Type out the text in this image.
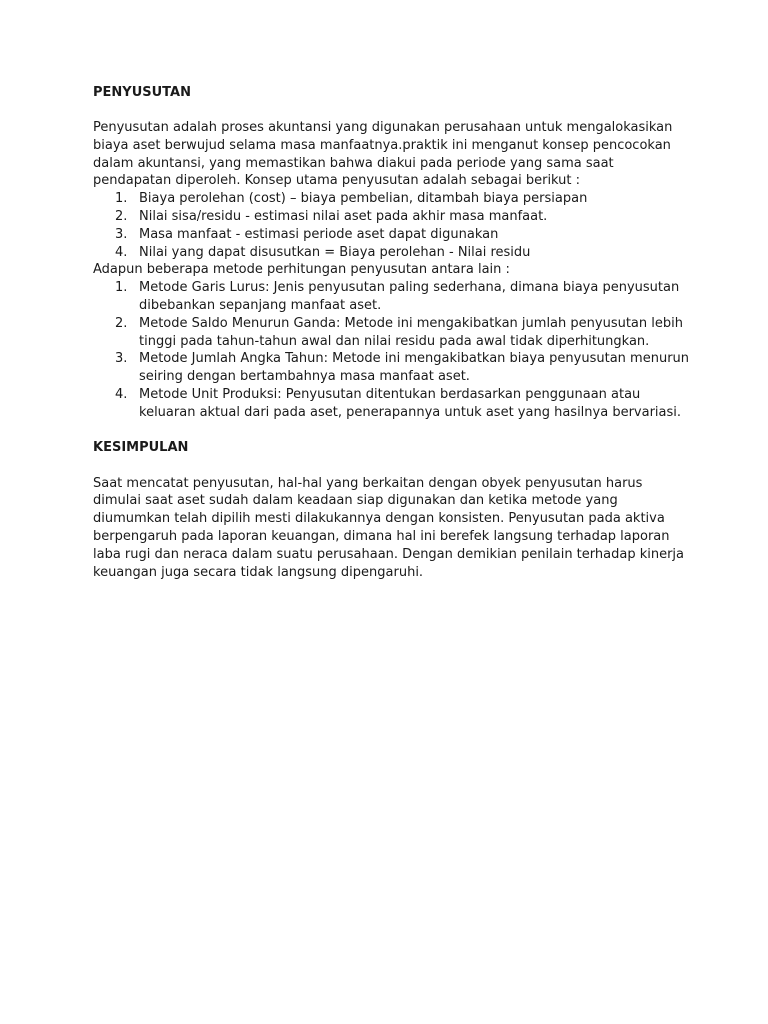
PENYUSUTAN

Penyusutan adalah proses akuntansi yang digunakan perusahaan untuk mengalokasikan biaya aset berwujud selama masa manfaatnya.praktik ini menganut konsep pencocokan dalam akuntansi, yang memastikan bahwa diakui pada periode yang sama saat pendapatan diperoleh. Konsep utama penyusutan adalah sebagai berikut :

1. Biaya perolehan (cost) – biaya pembelian, ditambah biaya persiapan
2. Nilai sisa/residu - estimasi nilai aset pada akhir masa manfaat.
3. Masa manfaat - estimasi periode aset dapat digunakan
4. Nilai yang dapat disusutkan = Biaya perolehan - Nilai residu

Adapun beberapa metode perhitungan penyusutan antara lain :

1. Metode Garis Lurus: Jenis penyusutan paling sederhana, dimana biaya penyusutan dibebankan sepanjang manfaat aset.
2. Metode Saldo Menurun Ganda: Metode ini mengakibatkan jumlah penyusutan lebih tinggi pada tahun-tahun awal dan nilai residu pada awal tidak diperhitungkan.
3. Metode Jumlah Angka Tahun: Metode ini mengakibatkan biaya penyusutan menurun seiring dengan bertambahnya masa manfaat aset.
4. Metode Unit Produksi: Penyusutan ditentukan berdasarkan penggunaan atau keluaran aktual dari pada aset, penerapannya untuk aset yang hasilnya bervariasi.
KESIMPULAN

Saat mencatat penyusutan, hal-hal yang berkaitan dengan obyek penyusutan harus dimulai saat aset sudah dalam keadaan siap digunakan dan ketika metode yang diumumkan telah dipilih mesti dilakukannya dengan konsisten. Penyusutan pada aktiva berpengaruh pada laporan keuangan, dimana hal ini berefek langsung terhadap laporan laba rugi dan neraca dalam suatu perusahaan. Dengan demikian penilain terhadap kinerja keuangan juga secara tidak langsung dipengaruhi.
